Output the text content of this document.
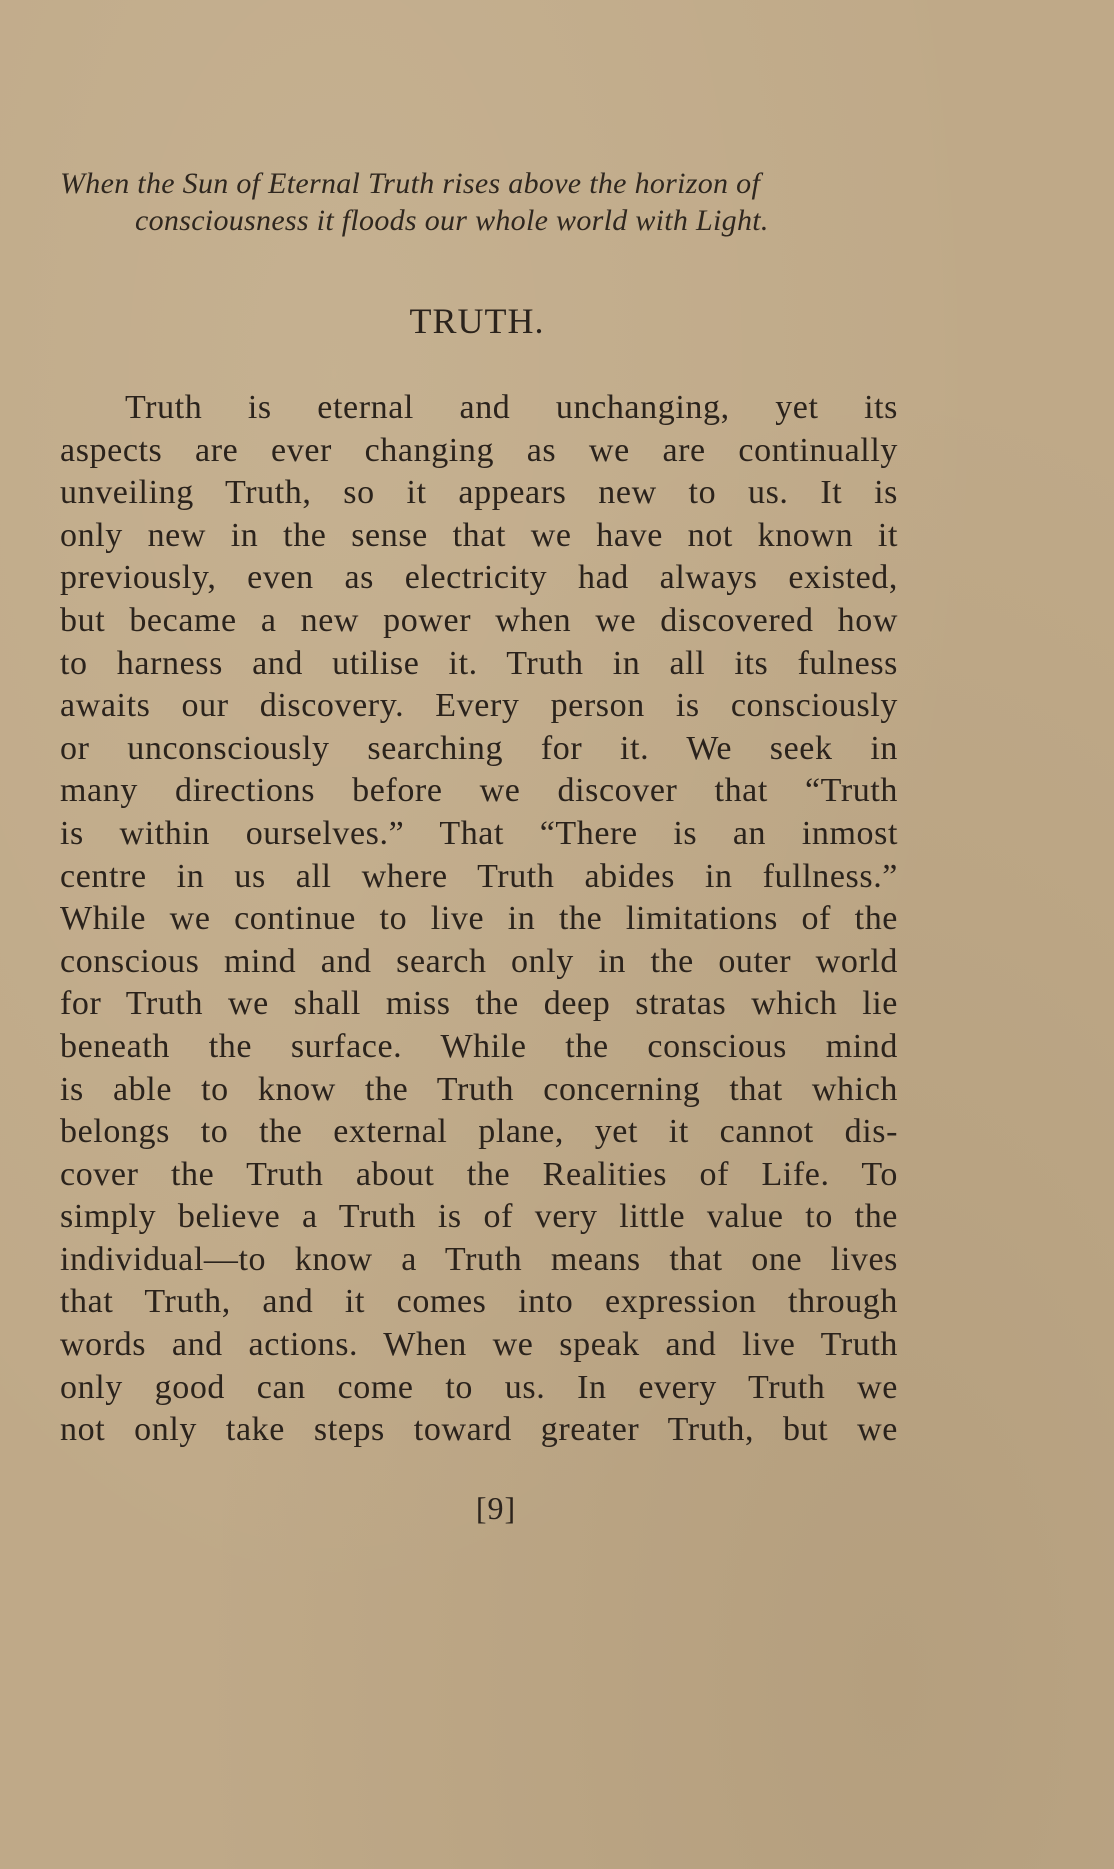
When the Sun of Eternal Truth rises above the horizon of
consciousness it floods our whole world with Light.
TRUTH.
Truth is eternal and unchanging, yet its
aspects are ever changing as we are continually
unveiling Truth, so it appears new to us. It is
only new in the sense that we have not known it
previously, even as electricity had always existed,
but became a new power when we discovered how
to harness and utilise it. Truth in all its fulness
awaits our discovery. Every person is consciously
or unconsciously searching for it. We seek in
many directions before we discover that “Truth
is within ourselves.” That “There is an inmost
centre in us all where Truth abides in fullness.”
While we continue to live in the limitations of the
conscious mind and search only in the outer world
for Truth we shall miss the deep stratas which lie
beneath the surface. While the conscious mind
is able to know the Truth concerning that which
belongs to the external plane, yet it cannot dis-
cover the Truth about the Realities of Life. To
simply believe a Truth is of very little value to the
individual—to know a Truth means that one lives
that Truth, and it comes into expression through
words and actions. When we speak and live Truth
only good can come to us. In every Truth we
not only take steps toward greater Truth, but we
[9]
